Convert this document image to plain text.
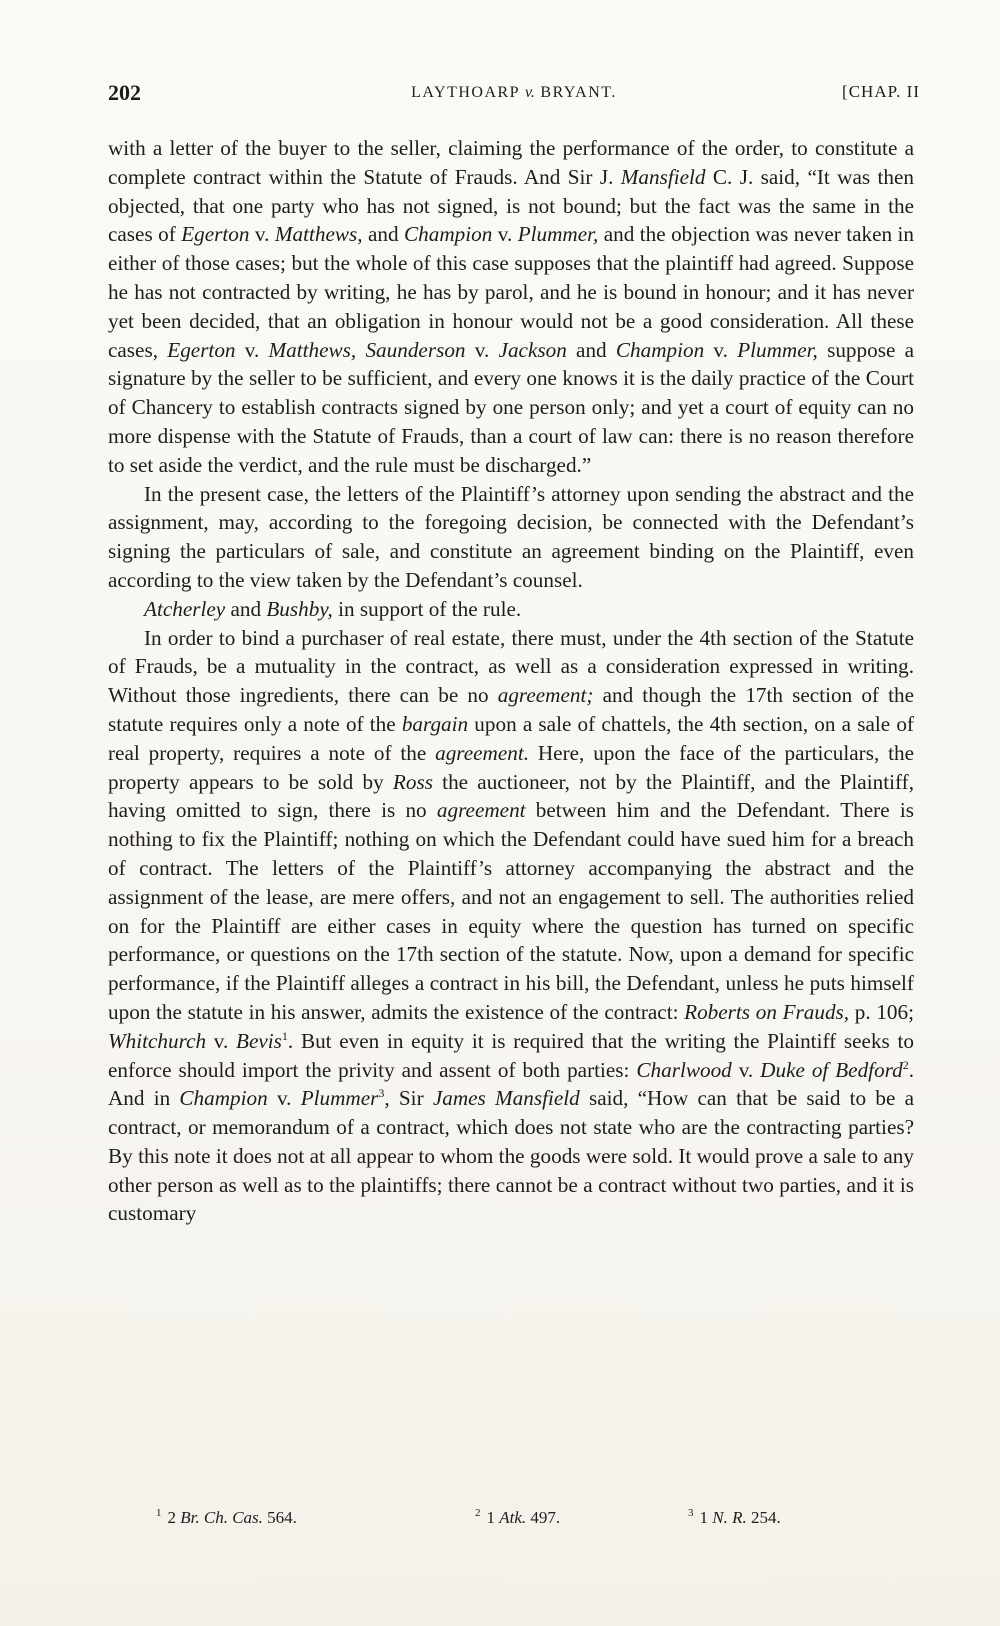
202	LAYTHOARP v. BRYANT.	[CHAP. II

with a letter of the buyer to the seller, claiming the performance of the order, to constitute a complete contract within the Statute of Frauds. And Sir J. Mansfield C. J. said, “It was then objected, that one party who has not signed, is not bound; but the fact was the same in the cases of Egerton v. Matthews, and Champion v. Plummer, and the objection was never taken in either of those cases; but the whole of this case supposes that the plaintiff had agreed. Suppose he has not contracted by writing, he has by parol, and he is bound in honour; and it has never yet been decided, that an obligation in honour would not be a good consideration. All these cases, Egerton v. Matthews, Saunderson v. Jackson and Champion v. Plummer, suppose a signature by the seller to be sufficient, and every one knows it is the daily practice of the Court of Chancery to establish contracts signed by one person only; and yet a court of equity can no more dispense with the Statute of Frauds, than a court of law can: there is no reason therefore to set aside the verdict, and the rule must be discharged.”

In the present case, the letters of the Plaintiff’s attorney upon sending the abstract and the assignment, may, according to the foregoing decision, be connected with the Defendant’s signing the particulars of sale, and constitute an agreement binding on the Plaintiff, even according to the view taken by the Defendant’s counsel.

Atcherley and Bushby, in support of the rule.

In order to bind a purchaser of real estate, there must, under the 4th section of the Statute of Frauds, be a mutuality in the contract, as well as a consideration expressed in writing. Without those ingredients, there can be no agreement; and though the 17th section of the statute requires only a note of the bargain upon a sale of chattels, the 4th section, on a sale of real property, requires a note of the agreement. Here, upon the face of the particulars, the property appears to be sold by Ross the auctioneer, not by the Plaintiff, and the Plaintiff, having omitted to sign, there is no agreement between him and the Defendant. There is nothing to fix the Plaintiff; nothing on which the Defendant could have sued him for a breach of contract. The letters of the Plaintiff’s attorney accompanying the abstract and the assignment of the lease, are mere offers, and not an engagement to sell. The authorities relied on for the Plaintiff are either cases in equity where the question has turned on specific performance, or questions on the 17th section of the statute. Now, upon a demand for specific performance, if the Plaintiff alleges a contract in his bill, the Defendant, unless he puts himself upon the statute in his answer, admits the existence of the contract: Roberts on Frauds, p. 106; Whitchurch v. Bevis$^1$. But even in equity it is required that the writing the Plaintiff seeks to enforce should import the privity and assent of both parties: Charlwood v. Duke of Bedford$^2$. And in Champion v. Plummer$^3$, Sir James Mansfield said, “How can that be said to be a contract, or memorandum of a contract, which does not state who are the contracting parties? By this note it does not at all appear to whom the goods were sold. It would prove a sale to any other person as well as to the plaintiffs; there cannot be a contract without two parties, and it is customary

$^1$ 2 Br. Ch. Cas. 564.	$^2$ 1 Atk. 497.	$^3$ 1 N. R. 254.
